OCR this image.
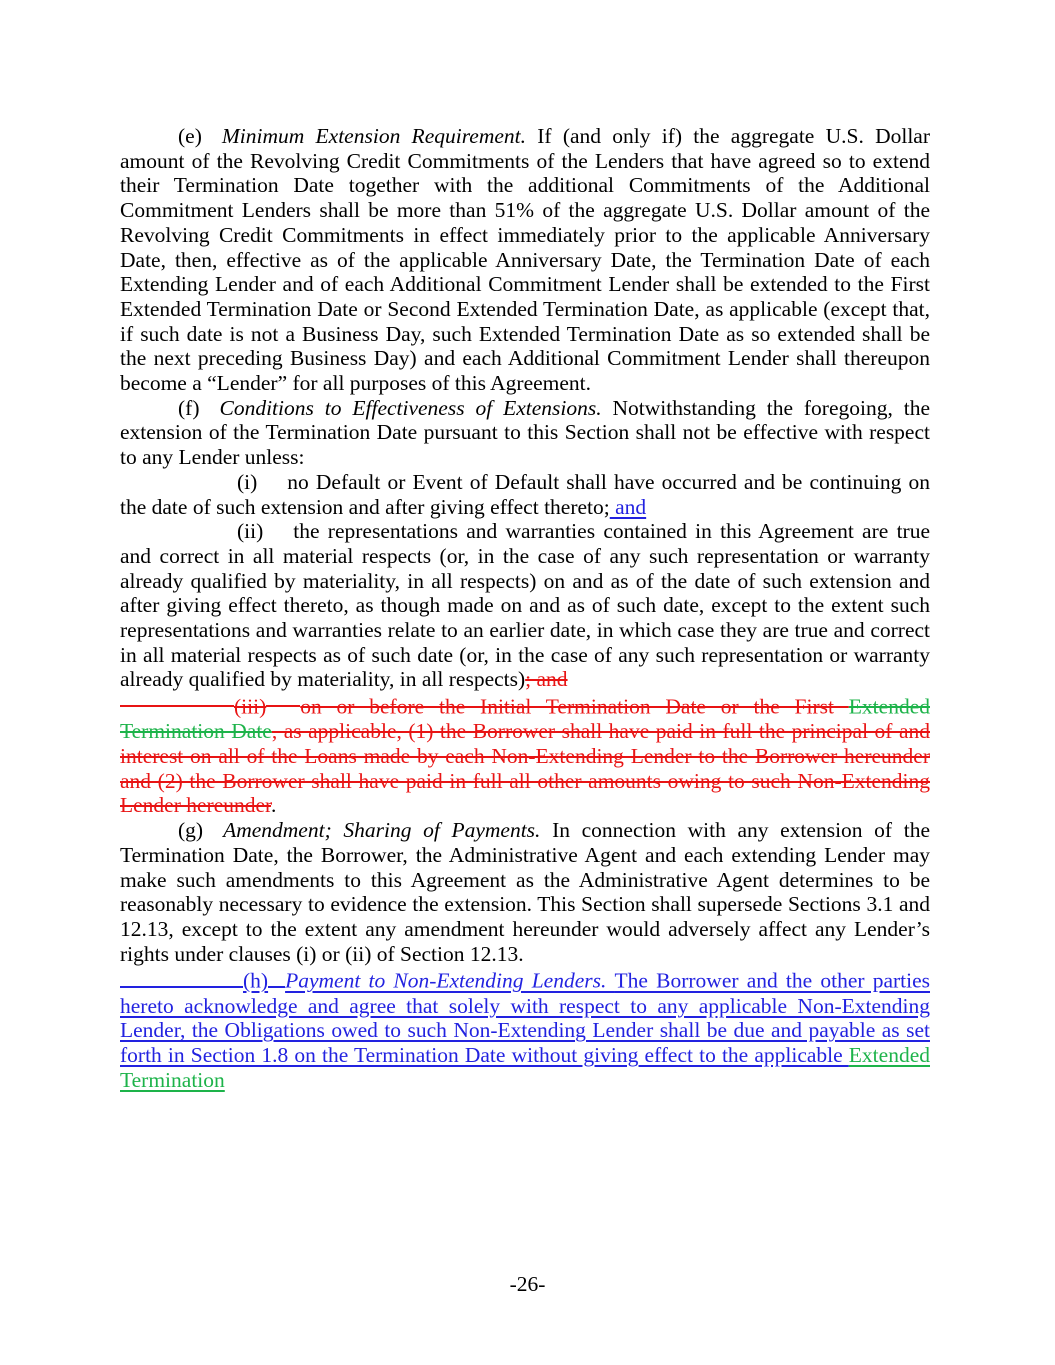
(e) Minimum Extension Requirement. If (and only if) the aggregate U.S. Dollar amount of the Revolving Credit Commitments of the Lenders that have agreed so to extend their Termination Date together with the additional Commitments of the Additional Commitment Lenders shall be more than 51% of the aggregate U.S. Dollar amount of the Revolving Credit Commitments in effect immediately prior to the applicable Anniversary Date, then, effective as of the applicable Anniversary Date, the Termination Date of each Extending Lender and of each Additional Commitment Lender shall be extended to the First Extended Termination Date or Second Extended Termination Date, as applicable (except that, if such date is not a Business Day, such Extended Termination Date as so extended shall be the next preceding Business Day) and each Additional Commitment Lender shall thereupon become a “Lender” for all purposes of this Agreement.

(f) Conditions to Effectiveness of Extensions. Notwithstanding the foregoing, the extension of the Termination Date pursuant to this Section shall not be effective with respect to any Lender unless:

(i) no Default or Event of Default shall have occurred and be continuing on the date of such extension and after giving effect thereto; and

(ii) the representations and warranties contained in this Agreement are true and correct in all material respects (or, in the case of any such representation or warranty already qualified by materiality, in all respects) on and as of the date of such extension and after giving effect thereto, as though made on and as of such date, except to the extent such representations and warranties relate to an earlier date, in which case they are true and correct in all material respects as of such date (or, in the case of any such representation or warranty already qualified by materiality, in all respects); and

(iii) on or before the Initial Termination Date or the First Extended Termination Date, as applicable, (1) the Borrower shall have paid in full the principal of and interest on all of the Loans made by each Non-Extending Lender to the Borrower hereunder and (2) the Borrower shall have paid in full all other amounts owing to such Non-Extending Lender hereunder.

(g) Amendment; Sharing of Payments. In connection with any extension of the Termination Date, the Borrower, the Administrative Agent and each extending Lender may make such amendments to this Agreement as the Administrative Agent determines to be reasonably necessary to evidence the extension. This Section shall supersede Sections 3.1 and 12.13, except to the extent any amendment hereunder would adversely affect any Lender’s rights under clauses (i) or (ii) of Section 12.13.

(h) Payment to Non-Extending Lenders. The Borrower and the other parties hereto acknowledge and agree that solely with respect to any applicable Non-Extending Lender, the Obligations owed to such Non-Extending Lender shall be due and payable as set forth in Section 1.8 on the Termination Date without giving effect to the applicable Extended Termination

-26-
